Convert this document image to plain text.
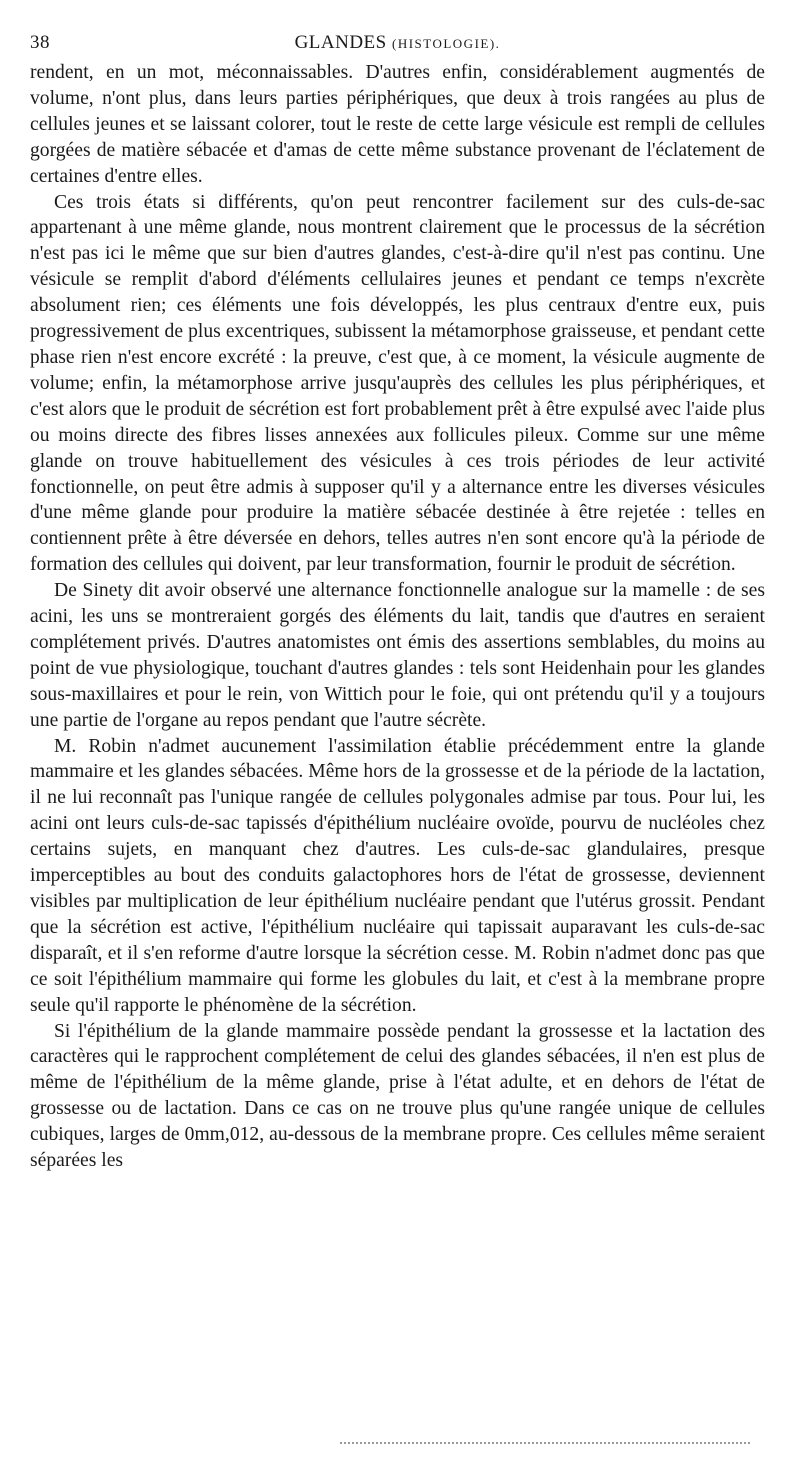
38	GLANDES (HISTOLOGIE).

rendent, en un mot, méconnaissables. D'autres enfin, considérablement augmentés de volume, n'ont plus, dans leurs parties périphériques, que deux à trois rangées au plus de cellules jeunes et se laissant colorer, tout le reste de cette large vésicule est rempli de cellules gorgées de matière sébacée et d'amas de cette même substance provenant de l'éclatement de certaines d'entre elles.

Ces trois états si différents, qu'on peut rencontrer facilement sur des culs-de-sac appartenant à une même glande, nous montrent clairement que le processus de la sécrétion n'est pas ici le même que sur bien d'autres glandes, c'est-à-dire qu'il n'est pas continu. Une vésicule se remplit d'abord d'éléments cellulaires jeunes et pendant ce temps n'excrète absolument rien; ces éléments une fois développés, les plus centraux d'entre eux, puis progressivement de plus excentriques, subissent la métamorphose graisseuse, et pendant cette phase rien n'est encore excrété : la preuve, c'est que, à ce moment, la vésicule augmente de volume; enfin, la métamorphose arrive jusqu'auprès des cellules les plus périphériques, et c'est alors que le produit de sécrétion est fort probablement prêt à être expulsé avec l'aide plus ou moins directe des fibres lisses annexées aux follicules pileux. Comme sur une même glande on trouve habituellement des vésicules à ces trois périodes de leur activité fonctionnelle, on peut être admis à supposer qu'il y a alternance entre les diverses vésicules d'une même glande pour produire la matière sébacée destinée à être rejetée : telles en contiennent prête à être déversée en dehors, telles autres n'en sont encore qu'à la période de formation des cellules qui doivent, par leur transformation, fournir le produit de sécrétion.

De Sinety dit avoir observé une alternance fonctionnelle analogue sur la mamelle : de ses acini, les uns se montreraient gorgés des éléments du lait, tandis que d'autres en seraient complétement privés. D'autres anatomistes ont émis des assertions semblables, du moins au point de vue physiologique, touchant d'autres glandes : tels sont Heidenhain pour les glandes sous-maxillaires et pour le rein, von Wittich pour le foie, qui ont prétendu qu'il y a toujours une partie de l'organe au repos pendant que l'autre sécrète.

M. Robin n'admet aucunement l'assimilation établie précédemment entre la glande mammaire et les glandes sébacées. Même hors de la grossesse et de la période de la lactation, il ne lui reconnaît pas l'unique rangée de cellules polygonales admise par tous. Pour lui, les acini ont leurs culs-de-sac tapissés d'épithélium nucléaire ovoïde, pourvu de nucléoles chez certains sujets, en manquant chez d'autres. Les culs-de-sac glandulaires, presque imperceptibles au bout des conduits galactophores hors de l'état de grossesse, deviennent visibles par multiplication de leur épithélium nucléaire pendant que l'utérus grossit. Pendant que la sécrétion est active, l'épithélium nucléaire qui tapissait auparavant les culs-de-sac disparaît, et il s'en reforme d'autre lorsque la sécrétion cesse. M. Robin n'admet donc pas que ce soit l'épithélium mammaire qui forme les globules du lait, et c'est à la membrane propre seule qu'il rapporte le phénomène de la sécrétion.

Si l'épithélium de la glande mammaire possède pendant la grossesse et la lactation des caractères qui le rapprochent complétement de celui des glandes sébacées, il n'en est plus de même de l'épithélium de la même glande, prise à l'état adulte, et en dehors de l'état de grossesse ou de lactation. Dans ce cas on ne trouve plus qu'une rangée unique de cellules cubiques, larges de 0mm,012, au-dessous de la membrane propre. Ces cellules même seraient séparées les
